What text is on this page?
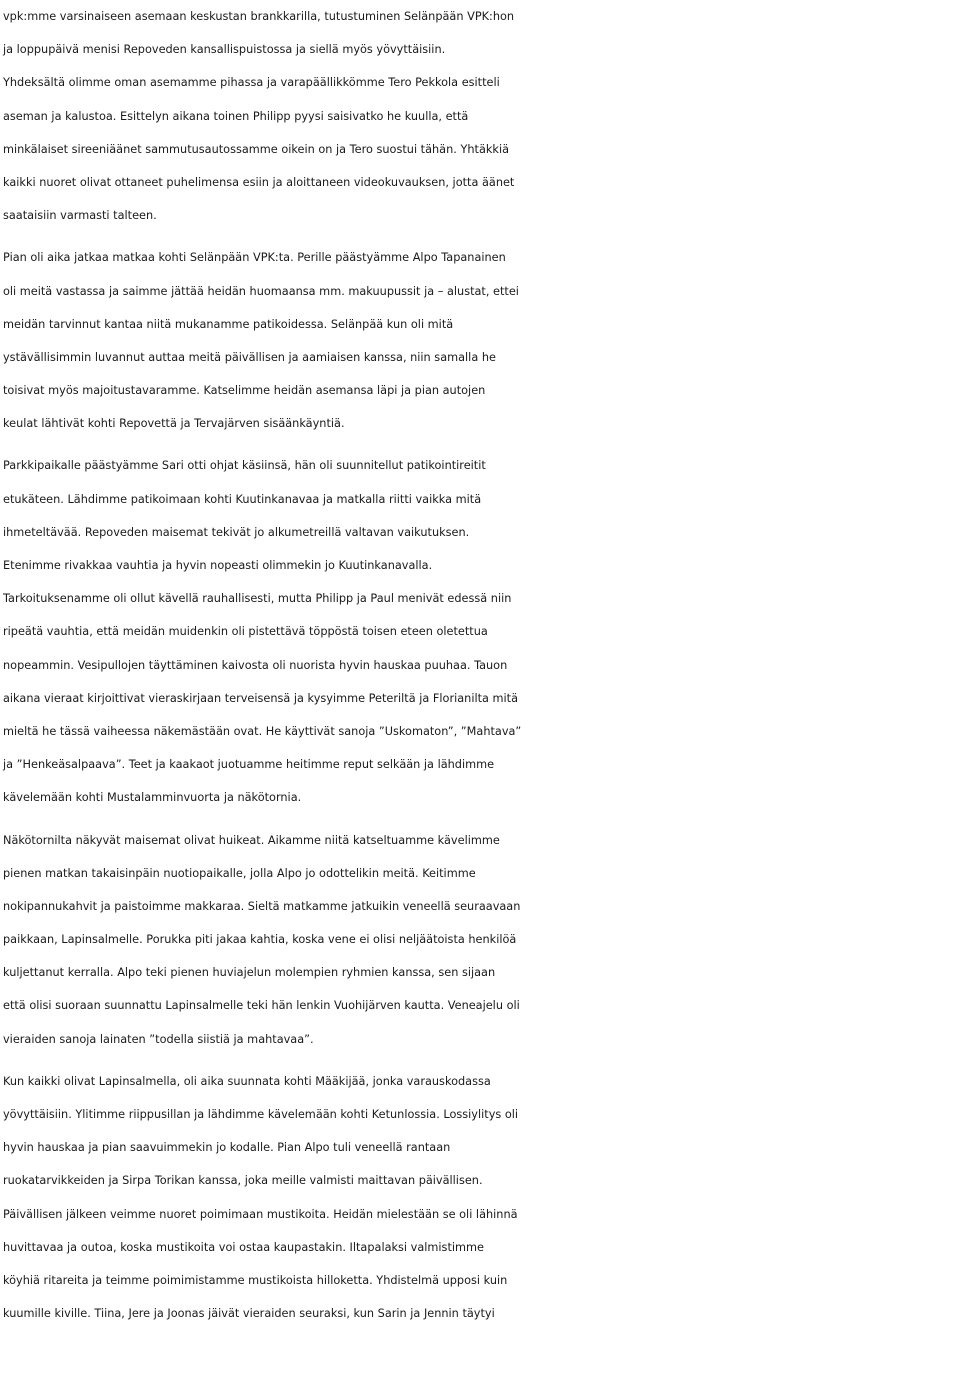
vpk:mme varsinaiseen asemaan keskustan brankkarilla, tutustuminen Selänpään VPK:hon
ja loppupäivä menisi Repoveden kansallispuistossa ja siellä myös yövyttäisiin.
Yhdeksältä olimme oman asemamme pihassa ja varapäällikkömme Tero Pekkola esitteli
aseman ja kalustoa. Esittelyn aikana toinen Philipp pyysi saisivatko he kuulla, että
minkälaiset sireeniäänet sammutusautossamme oikein on ja Tero suostui tähän. Yhtäkkiä
kaikki nuoret olivat ottaneet puhelimensa esiin ja aloittaneen videokuvauksen, jotta äänet
saataisiin varmasti talteen.
Pian oli aika jatkaa matkaa kohti Selänpään VPK:ta. Perille päästyämme Alpo Tapanainen
oli meitä vastassa ja saimme jättää heidän huomaansa mm. makuupussit ja – alustat, ettei
meidän tarvinnut kantaa niitä mukanamme patikoidessa. Selänpää kun oli mitä
ystävällisimmin luvannut auttaa meitä päivällisen ja aamiaisen kanssa, niin samalla he
toisivat myös majoitustavaramme. Katselimme heidän asemansa läpi ja pian autojen
keulat lähtivät kohti Repovettä ja Tervajärven sisäänkäyntiä.
Parkkipaikalle päästyämme Sari otti ohjat käsiinsä, hän oli suunnitellut patikointireitit
etukäteen. Lähdimme patikoimaan kohti Kuutinkanavaa ja matkalla riitti vaikka mitä
ihmeteltävää. Repoveden maisemat tekivät jo alkumetreillä valtavan vaikutuksen.
Etenimme rivakkaa vauhtia ja hyvin nopeasti olimmekin jo Kuutinkanavalla.
Tarkoituksenamme oli ollut kävellä rauhallisesti, mutta Philipp ja Paul menivät edessä niin
ripeätä vauhtia, että meidän muidenkin oli pistettävä töppöstä toisen eteen oletettua
nopeammin. Vesipullojen täyttäminen kaivosta oli nuorista hyvin hauskaa puuhaa. Tauon
aikana vieraat kirjoittivat vieraskirjaan terveisensä ja kysyimme Peteriltä ja Florianilta mitä
mieltä he tässä vaiheessa näkemästään ovat. He käyttivät sanoja ”Uskomaton”, ”Mahtava”
ja ”Henkeäsalpaava”. Teet ja kaakaot juotuamme heitimme reput selkään ja lähdimme
kävelemään kohti Mustalamminvuorta ja näkötornia.
Näkötornilta näkyvät maisemat olivat huikeat. Aikamme niitä katseltuamme kävelimme
pienen matkan takaisinpäin nuotiopaikalle, jolla Alpo jo odottelikin meitä. Keitimme
nokipannukahvit ja paistoimme makkaraa. Sieltä matkamme jatkuikin veneellä seuraavaan
paikkaan, Lapinsalmelle. Porukka piti jakaa kahtia, koska vene ei olisi neljäätoista henkilöä
kuljettanut kerralla. Alpo teki pienen huviajelun molempien ryhmien kanssa, sen sijaan
että olisi suoraan suunnattu Lapinsalmelle teki hän lenkin Vuohijärven kautta. Veneajelu oli
vieraiden sanoja lainaten ”todella siistiä ja mahtavaa”.
Kun kaikki olivat Lapinsalmella, oli aika suunnata kohti Määkijää, jonka varauskodassa
yövyttäisiin. Ylitimme riippusillan ja lähdimme kävelemään kohti Ketunlossia. Lossiylitys oli
hyvin hauskaa ja pian saavuimmekin jo kodalle. Pian Alpo tuli veneellä rantaan
ruokatarvikkeiden ja Sirpa Torikan kanssa, joka meille valmisti maittavan päivällisen.
Päivällisen jälkeen veimme nuoret poimimaan mustikoita. Heidän mielestään se oli lähinnä
huvittavaa ja outoa, koska mustikoita voi ostaa kaupastakin. Iltapalaksi valmistimme
köyhiä ritareita ja teimme poimimistamme mustikoista hilloketta. Yhdistelmä upposi kuin
kuumille kiville. Tiina, Jere ja Joonas jäivät vieraiden seuraksi, kun Sarin ja Jennin täytyi
